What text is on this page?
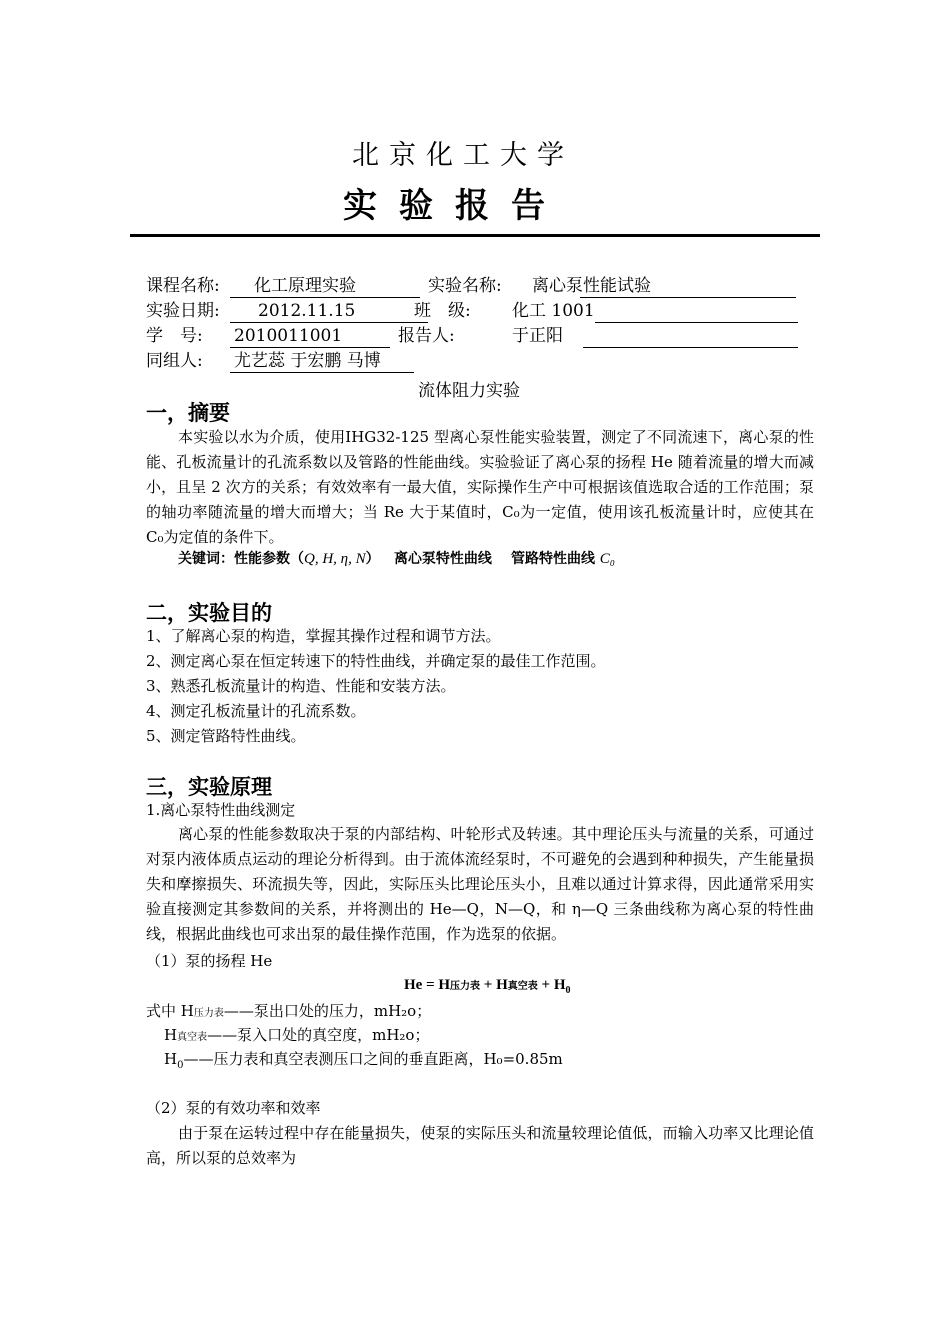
北京化工大学
实验报告
课程名称: 化工原理实验	实验名称: 离心泵性能试验
实验日期: 2012.11.15	班　级: 化工 1001
学　号: 2010011001	报告人:	于正阳
同组人: 尤艺蕊 于宏鹏 马博
流体阻力实验
一，摘要
本实验以水为介质，使用IHG32-125 型离心泵性能实验装置，测定了不同流速下，离心泵的性能、孔板流量计的孔流系数以及管路的性能曲线。实验验证了离心泵的扬程 He 随着流量的增大而减小，且呈 2 次方的关系；有效效率有一最大值，实际操作生产中可根据该值选取合适的工作范围；泵的轴功率随流量的增大而增大；当 Re 大于某值时，C₀为一定值，使用该孔板流量计时，应使其在 C₀为定值的条件下。
关键词：性能参数（Q, H, η, N） 离心泵特性曲线 管路特性曲线 C₀
二，实验目的
1、了解离心泵的构造，掌握其操作过程和调节方法。
2、测定离心泵在恒定转速下的特性曲线，并确定泵的最佳工作范围。
3、熟悉孔板流量计的构造、性能和安装方法。
4、测定孔板流量计的孔流系数。
5、测定管路特性曲线。
三，实验原理
1.离心泵特性曲线测定
离心泵的性能参数取决于泵的内部结构、叶轮形式及转速。其中理论压头与流量的关系，可通过对泵内液体质点运动的理论分析得到。由于流体流经泵时，不可避免的会遇到种种损失，产生能量损失和摩擦损失、环流损失等，因此，实际压头比理论压头小，且难以通过计算求得，因此通常采用实验直接测定其参数间的关系，并将测出的 He—Q，N—Q，和 η—Q 三条曲线称为离心泵的特性曲线，根据此曲线也可求出泵的最佳操作范围，作为选泵的依据。
（1）泵的扬程 He
He = H压力表 + H真空表 + $H_0$
式中 H压力表——泵出口处的压力，mH₂o；
H真空表——泵入口处的真空度，mH₂o；
$H_0——$压力表和真空表测压口之间的垂直距离，H₀=0.85m
（2）泵的有效功率和效率
由于泵在运转过程中存在能量损失，使泵的实际压头和流量较理论值低，而输入功率又比理论值高，所以泵的总效率为
